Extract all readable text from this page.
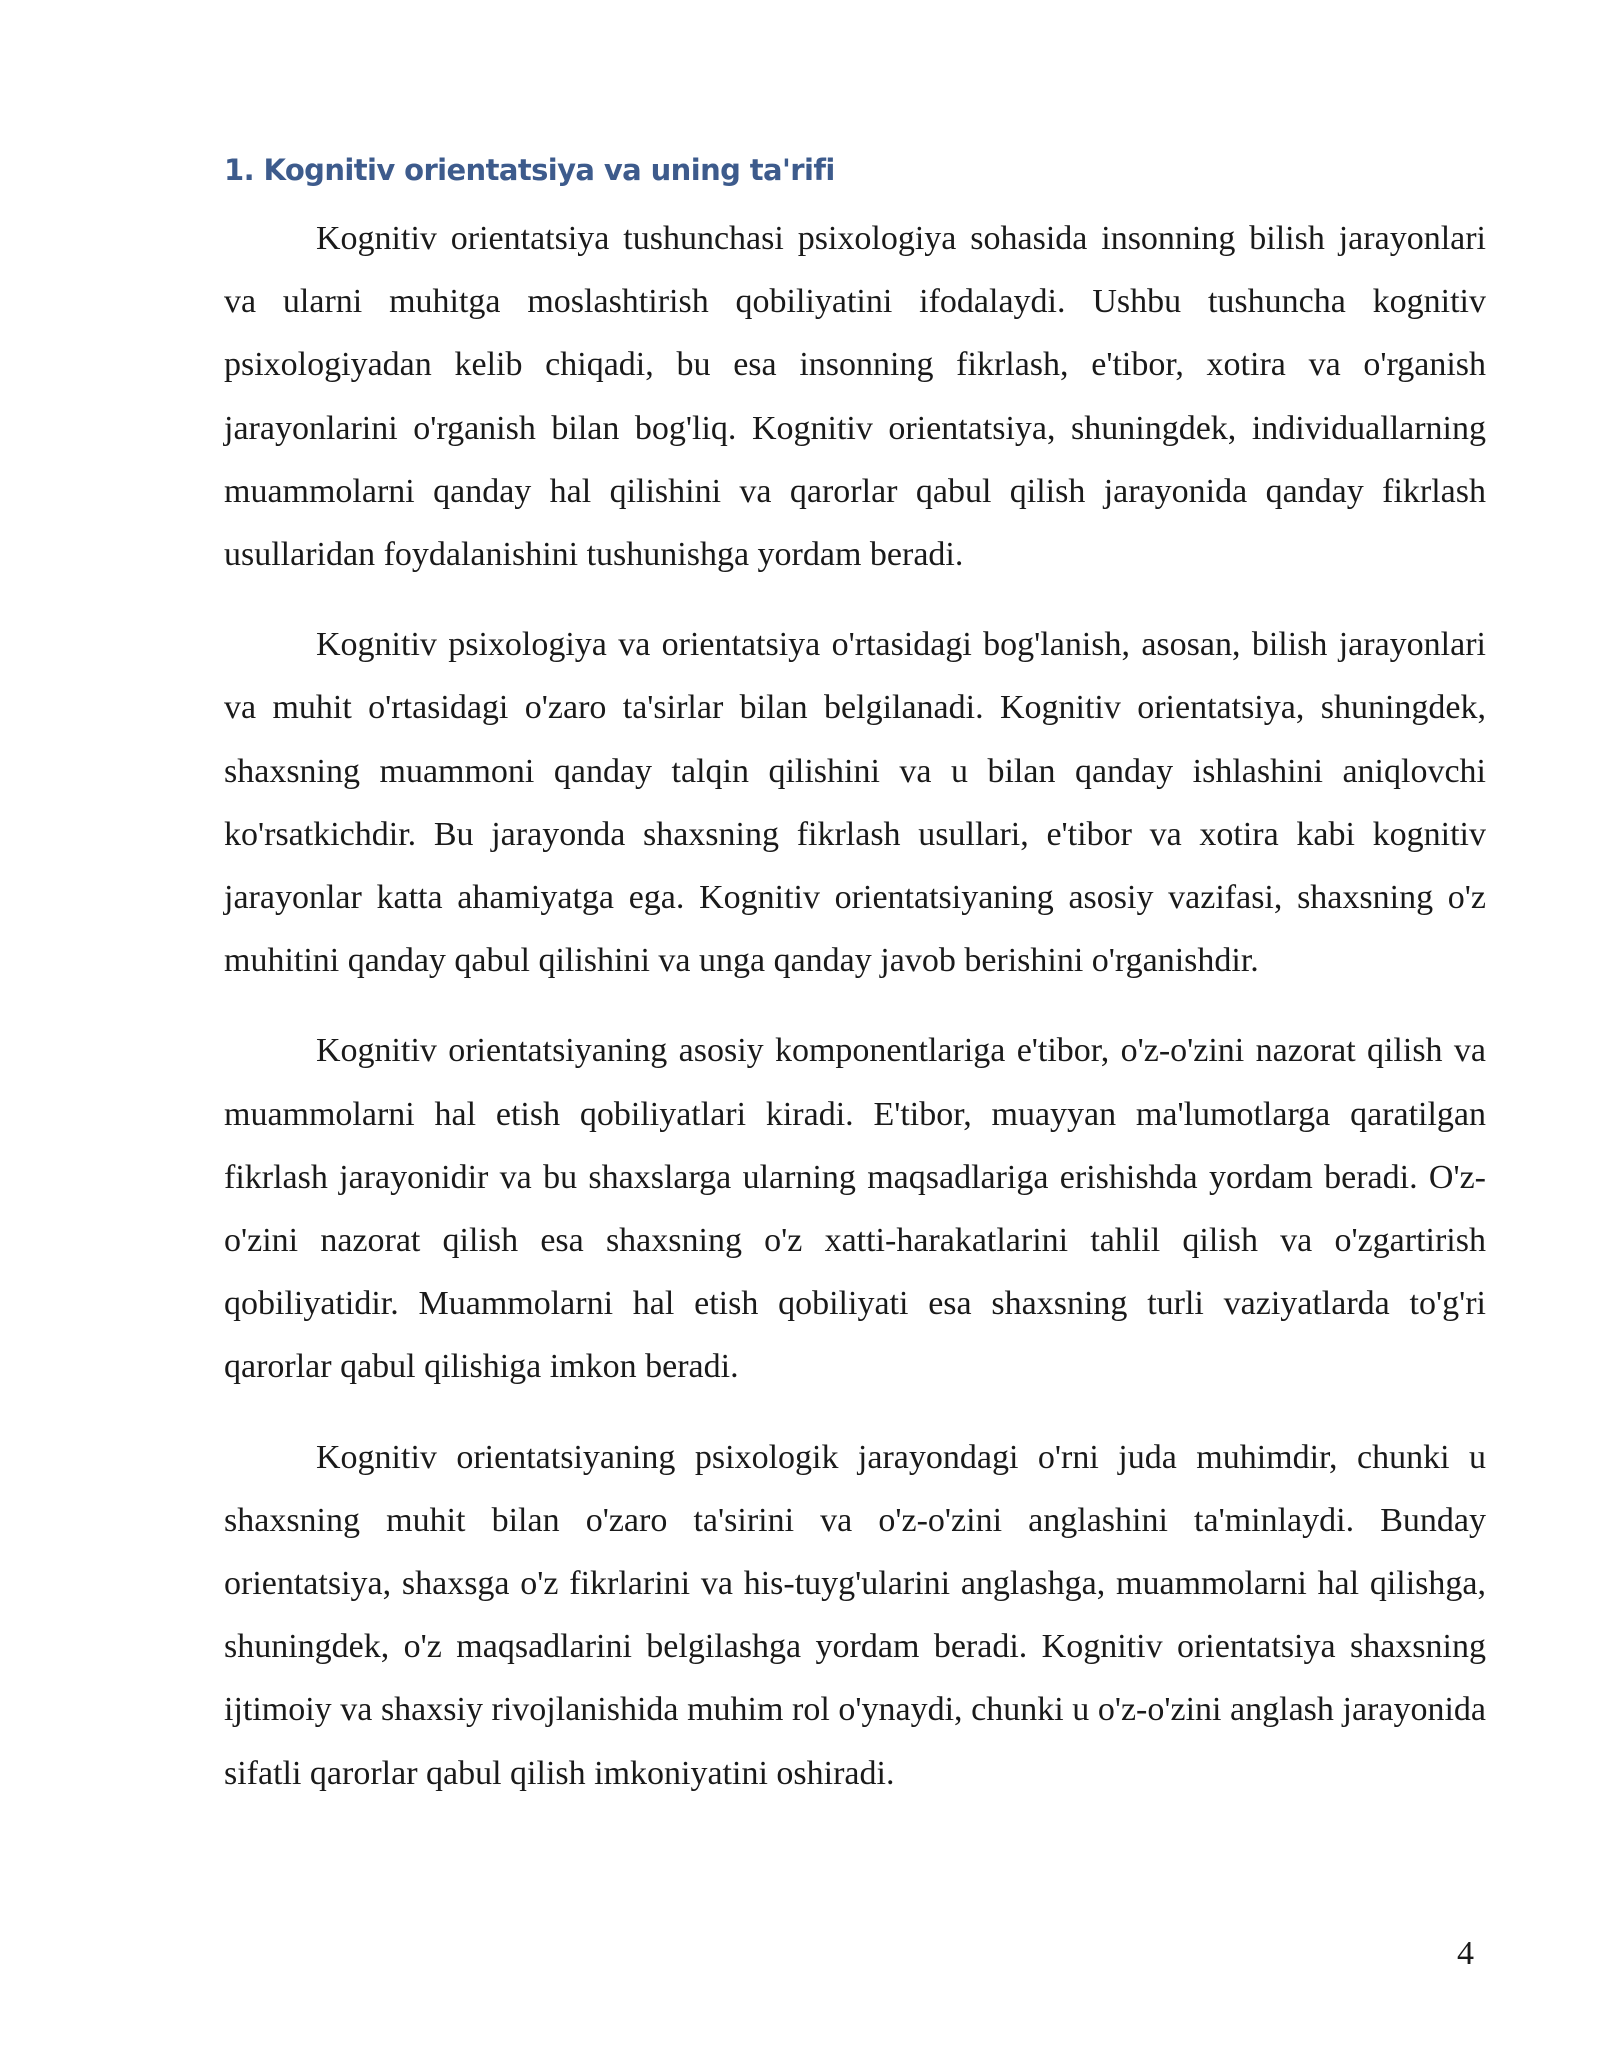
1. Kognitiv orientatsiya va uning ta'rifi

Kognitiv orientatsiya tushunchasi psixologiya sohasida insonning bilish jarayonlari va ularni muhitga moslashtirish qobiliyatini ifodalaydi. Ushbu tushuncha kognitiv psixologiyadan kelib chiqadi, bu esa insonning fikrlash, e'tibor, xotira va o'rganish jarayonlarini o'rganish bilan bog'liq. Kognitiv orientatsiya, shuningdek, individuallarning muammolarni qanday hal qilishini va qarorlar qabul qilish jarayonida qanday fikrlash usullaridan foydalanishini tushunishga yordam beradi.

Kognitiv psixologiya va orientatsiya o'rtasidagi bog'lanish, asosan, bilish jarayonlari va muhit o'rtasidagi o'zaro ta'sirlar bilan belgilanadi. Kognitiv orientatsiya, shuningdek, shaxsning muammoni qanday talqin qilishini va u bilan qanday ishlashini aniqlovchi ko'rsatkichdir. Bu jarayonda shaxsning fikrlash usullari, e'tibor va xotira kabi kognitiv jarayonlar katta ahamiyatga ega. Kognitiv orientatsiyaning asosiy vazifasi, shaxsning o'z muhitini qanday qabul qilishini va unga qanday javob berishini o'rganishdir.

Kognitiv orientatsiyaning asosiy komponentlariga e'tibor, o'z-o'zini nazorat qilish va muammolarni hal etish qobiliyatlari kiradi. E'tibor, muayyan ma'lumotlarga qaratilgan fikrlash jarayonidir va bu shaxslarga ularning maqsadlariga erishishda yordam beradi. O'z-o'zini nazorat qilish esa shaxsning o'z xatti-harakatlarini tahlil qilish va o'zgartirish qobiliyatidir. Muammolarni hal etish qobiliyati esa shaxsning turli vaziyatlarda to'g'ri qarorlar qabul qilishiga imkon beradi.

Kognitiv orientatsiyaning psixologik jarayondagi o'rni juda muhimdir, chunki u shaxsning muhit bilan o'zaro ta'sirini va o'z-o'zini anglashini ta'minlaydi. Bunday orientatsiya, shaxsga o'z fikrlarini va his-tuyg'ularini anglashga, muammolarni hal qilishga, shuningdek, o'z maqsadlarini belgilashga yordam beradi. Kognitiv orientatsiya shaxsning ijtimoiy va shaxsiy rivojlanishida muhim rol o'ynaydi, chunki u o'z-o'zini anglash jarayonida sifatli qarorlar qabul qilish imkoniyatini oshiradi.

4
